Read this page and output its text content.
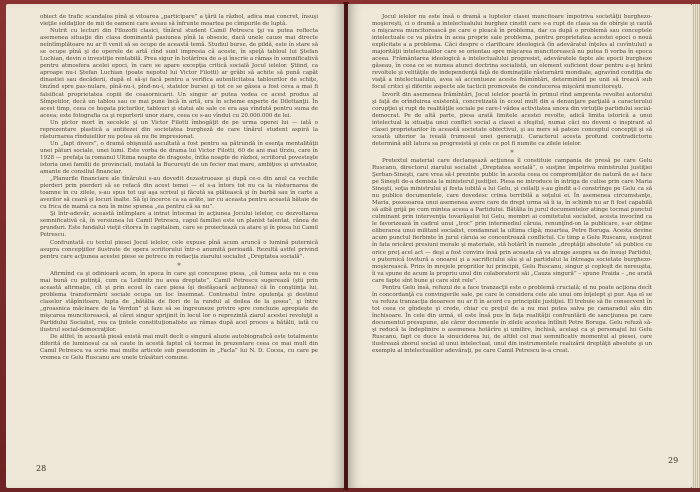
obiect de trafic scandalos pînă şi vitoarea „participare” a ţării la războl, adica mai concret, însuşi vieţile soldaţilor de mii de oameni care aveau să înfrunte moartea pe cîmpurile de luptă.

Nutrit cu lecturi din Filozofii clasici, tînărul student Camil Petrescu ţşi va putea reflecta asemenea situaţie din clasa dominantă pasiunea pînă la obsesie, dacă unele cauze mai directe neîntîmplătoare nu ar fi venit să se ocupe de această temă. Studiul burse, de pildă, este în stare să se ocupe pînă şi de operele de artă cînd sunt impresia că aceste, în speţă tabloul lui Ştefan Luchian, devin o investiţie rentabilă. Prea sigur în hotărîrea de a-şi înscrie a rămas în semnificativă pentru atmosfera acelei epoci, în care se apare excepţia critică socială Jocul ielelor. Ştiind, ca aproape nu-i Ştefan Luchian (poate nepotul lui Victor Filotti) ar grăbi să achite să pună capăt dinastiei sau decăderii, după el să-şi facă pentru a verifica autenticitatea tablourilor de schiţe, tinzînd spre pas-nulare, pînă-nu-i, pînd-nu-i, statelor bursei şi tot ce se găsea a fost ceva a mai fi falsificat proprietatea copiii de ceasornicarii. Un singur ar putea vedea ce acest produs al Sîmpetilor, decă un tablou sau ce mai pune încă în artă, era în scheme experte de Dilettanţii. În acest timp, ceea ce bogata picturilor, tablouri şi statui ale sale ce era aşa vîndută pentru suma de aceea; este fotografia ca şi reporterii unor ziare, ceea ce s-au vîndut cu 20.000.000 de lei.

Un pictor mort în secolele şi un Victor Filotti îmbogăţit de pe urma operei lui — iată o reprezentare plastică a antitezei din societatea burgheză de care tînărul student aspiră la răsturnarea rînduielilor nu potea să nu fie impresionat.

Un „fapt divers”, o dramă obişnuită ascultată a fost pentru sa pătrundă în esenţa mentalităţii unei pături sociale, unei lumi. Este vorba de drama lui Victor Filotti, 60 de ani mai tîrziu, care în 1928 — prefaţa la romanul Ultima noapte de dragoste, întîia noapte de război, scriitorul povesteşte istoria unei familii de provinciali, mutată la Bucureşti de un fecior mai mare, ambiţios şi arivisator, amante de consiliul financiar.

„Planurile financiare ale tînărului s-au dovedit dezastruoase şi după ce-o din anul ca vechile pierderi prin pierderi să se refacă din acest temei — el s-a întors tot nu ca la răsturnarea de toamne în cu zilele, s-au spus tot uşi aşa scrisul şi făcută sa plătească şi în barbă sau în carte a averilor să ceară şi locuri înalte. Să îşi încerce ca sa arăte, iar cu aceasta pentru această bătaie de cu frica de mamă ca nou în mine spunea „ea pentru că sa nu”.

Şi într-adevăr, această întîmplare a intrat întocmai în acţiunea Jocului ielelor, cu dezvoltarea semnificativă că, în versiunea lui Camil Petrescu, capul familiei este un planist talentat, rănea de prunduri. Este fundalul vieţii cîtorva în capitalism, care se proiectează ca atare şi în piesa lui Camil Petrescu.

Confruntată cu textul piesei Jocul ielelor, cele expuse pînă acum aruncă o lumină puternică asupra concepţiilor ilustrate de opera scriitorului într-o anumită perioadă. Rezultă astfel privind pentru care acţiunea acestei piese se petrece în redacţia ziarului socialist „Dreptatea socială”.

*

Afirmînd ca şi odinioară acum, în spoca în care şşi concepuse piesa, „că lumea asta nu e cea mai bună cu putinţă, cum ca Leibnitz nu avea dreptate”, Camil Petrescu sugerează (ştii prin această afirmaţie, cît şi prin ecoul în care piesa îşi desfăşoară acţiunea) că în conştiinţa lui, problema transformării sociale ocupa un loc însemnat. Contrastul între opulenţa şi destinul claselor stăpînitoare, lupta de „bătălia de fiori de la rundul al doilea de la şosea”, şi între „groasnica măcinare de la Verdun” şi faze să se îngreuneze privire spre concluzie apropiate de mişcarea muncitorească, al cărei singur sprijinit în locul lor o reprezintă ziarul acestei revoluţii a Partidului Socialist, rea ca ţintele constituţionaliste au rămas după acel proces a bătălii, iată cu ilustrul social-democraţilor.

De altfel, în această piesă există mai mult decît o singură aluzie autobiografică este totalmente diferită de luminosul ca să caute în acestă faptul că tocmai în prezentare ceea ce mai mult din Camil Petrescu va scrie mai multe articole sub pseudonim în „Facla” lui N. D. Cocea, cu care pe vremea ce Gelu Ruscanu are unele trăsături comune.

28

Jocul ielelor nu este însă o dramă a luptelor clasei muncitoare împotriva societăţii burghezo-moşiereşti, ci o dramă a intelectualului burghez cinstit care s-a rupt de clasa sa de obîrşie şi caută o mişcarea muncitorească pe care o pleacă în problema, dar ca după o problemă sau conceptele intelectuale ce va păstra în acea proprie sale problema, pentru proprietatea acestei epoci o nouă explicitate a a problema. Căci despre o clarificare ideologică (în adevăratul înţeles al cuvîntului) a majorităţii intelectualilor care se orientau spre mişcarea muncitorească nu putea fi vorba în epoca aceea. Frământarea ideologică a intelectualului progresist, adevăratele fapte ale epocii burgheze găseau, în ceea ce se numea atunci doctrina socialistă, un element suficient doar pentru a-şi hrăni revoltele şi velităţile de independenţă faţă de dominaţiile răsturnării mondiale, agravînd condiţia de viaţă a intelectualului, avea să accentueze aceste frămîntări, determinînd pe unii să treacă sub focul critici şi diferite aspecte ale tacticii promovate de conducerea mişcării muncitoreşti.

Izvorît din asemenea frămîntări, Jocul ielelor poartă în primul rînd amprenta revoltei autorului şi faţă de orînduirea existentă, concretizată în ecoul mult din a denunţare parţială a caracterului corupţiei şi rupt de realităţile sociale pe care-l vădea activitatea unora din virtuţile partidului social-democrat. Pe de altă parte, piesa arată limitele acestei revolte, adică limita istorică a unui intelectual la situaţia unui conflict social a clasei a sfeşitul, numai căci nu deveni o inspirant al clasei proprietarilor în această societate obiectivul, şi au mers să pateze conceptul concepţii şi să scoată ulterior la iveală frumosul unei generaţii. Caracterul acesta profund contradictoriu determină atît latura sa progresistă şi cele ce pot fi numite ca zilele ielelor.

*

Pretextul material care declanşează acţiunea îl constituie campania de presă pe care Gelu Ruscanu, directorul ziarului socialist „Dreptatea socială”, o susţine împotriva ministrului justiţiei Şerban-Sineşti, care vrea să-l prezinte public în acesta ceea ce compromiţător de natură de a-i face pe Sineşti de-a demisia la ministerul justiţiei. Piesa ne introduce în intriga de culise prin care Maria Sineşti, soţia ministrului şi fosta iubită a lui Gelu, şi ceilalţi s-au gîndit a-l constrînge pe Gelu ca să nu publice documentele, care dovedesc crima terribilă a soţului ei. În asemenea circumstanţe, Maria, posesoarea unui asemenea avere care de drept urma să îi ia, în schimb nu ar fi fost capabilă să aibă grijă pe cum mintea aceea a Partidului. Bătălia în jurul documentelor atinge tocmai punctul culminant prin intervenţia tovarăşului lui Gelu, membri ai comitetului socialist, acesta invocînd ca le favorizează în cadrul unui „troc” prin intermediul căruia, renunţînd-on la publicare, s-ar obţine eliberarea unui militant socialist, condamnat la ultima clipă; moartea, Petre Boruga. Acesta devine acum punctul fierbinte în jurul căruia se concentrează conflictul. Ce timp a Gelu Ruscanu, susţinut în fata oricărei presiuni morale şi materiale, stă hotărît în numele „dreptăţii absolute” să publice cu orice preţ acel act — deşi a fost convins însă prin aceasta că va atrage asupra sa de însuşi Partidul, o puternică lovitură a onoarei şi a sacrificiului său şi al partidului la întreaga societate burghezo-moşierească. Prins în mrejele propriilor lui principii, Gelu Ruscanu, singur şi copleşit de nereuşita, îi va spune de acum la propriu unul din colaboratorii săi „Cauza singură” – spune Praida – „ne arată care fapte sînt bune şi care sînt rele”.

Pentru Gelu însă, refuzul de a face tranzacţii este o problemă crucială; el nu poate acţiona decît în concordanţă cu convingerile sale, pe care le considera cele ale unui om înţelept şi pur. Aşa el se va refuza tranzacţia deoarece nu ar fi în acord cu principiile justiţiei. El trebuie să fie consecvent în tot ceea ce gîndeşte şi crede, chiar cu preţul de a nu mai putea salva pe camaradul său din închisoare. În cele din urmă, el este însă pus în faţa realităţii confruntării de sancţiunea pe care documentul presupune, ale căror documente în zilele acestea întîlnit Petre Boruga. Gelu refuză să-şi reducă la îndeplinire o asemenea hotărîre şi umilire, închisă, acelaşi ca şi personajul lui Gelu Ruscanu, fapt ce duce la sinuciderea lui, de altfel cel mai semnificativ momentul al piesei, care ilustrează zborul social al unui intelectual, unul din instrumentele realizării dreptăţii absolute şi un exemplu al intelectualilor adevăraţi, pe care Camil Petrescu le-a creat.

29
